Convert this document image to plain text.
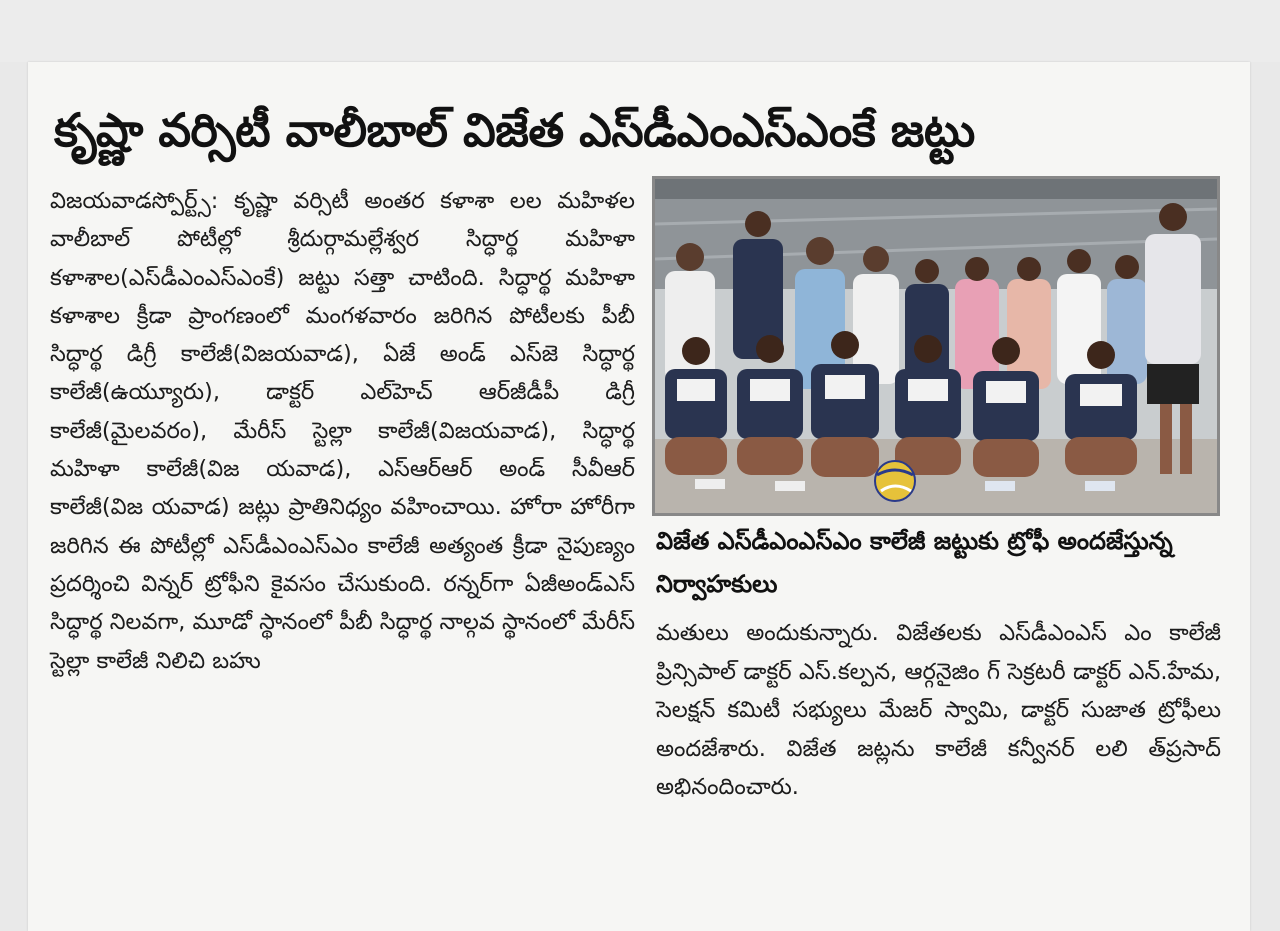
కృష్ణా వర్సిటీ వాలీబాల్ విజేత ఎస్‌డీఎంఎస్‌ఎంకే జట్టు

విజయవాడస్పోర్ట్స్: కృష్ణా వర్సిటీ అంతర కళాశా లల మహిళల వాలీబాల్ పోటీల్లో శ్రీదుర్గామల్లేశ్వర సిద్ధార్థ మహిళా కళాశాల(ఎస్‌డీఎంఎస్‌ఎంకే) జట్టు సత్తా చాటింది. సిద్ధార్థ మహిళా కళాశాల క్రీడా ప్రాంగణంలో మంగళవారం జరిగిన పోటీలకు పీబీ సిద్ధార్థ డిగ్రీ కాలేజీ(విజయవాడ), ఏజే అండ్ ఎస్‌జె సిద్ధార్థ కాలేజీ(ఉయ్యూరు), డాక్టర్ ఎల్‌హెచ్ ఆర్‌జీడీపీ డిగ్రీ కాలేజీ(మైలవరం), మేరీస్ స్టెల్లా కాలేజీ(విజయవాడ), సిద్ధార్థ మహిళా కాలేజీ(విజ యవాడ), ఎస్ఆర్ఆర్ అండ్ సీవీఆర్ కాలేజీ(విజ యవాడ) జట్లు ప్రాతినిధ్యం వహించాయి. హోరా హోరీగా జరిగిన ఈ పోటీల్లో ఎస్‌డీఎంఎస్‌ఎం కాలేజీ అత్యంత క్రీడా నైపుణ్యం ప్రదర్శించి విన్నర్ ట్రోఫీని కైవసం చేసుకుంది. రన్నర్‌గా ఏజీఅండ్ఎస్ సిద్ధార్థ నిలవగా, మూడో స్థానంలో పీబీ సిద్ధార్థ నాల్గవ స్థానంలో మేరీస్ స్టెల్లా కాలేజీ నిలిచి బహు

విజేత ఎస్‌డీఎంఎస్‌ఎం కాలేజీ జట్టుకు ట్రోఫీ అందజేస్తున్న నిర్వాహకులు

మతులు అందుకున్నారు. విజేతలకు ఎస్‌డీఎంఎస్ ఎం కాలేజీ ప్రిన్సిపాల్ డాక్టర్ ఎస్.కల్పన, ఆర్గనైజిం గ్ సెక్రటరీ డాక్టర్ ఎన్.హేమ, సెలక్షన్ కమిటీ సభ్యులు మేజర్ స్వామి, డాక్టర్ సుజాత ట్రోఫీలు అందజేశారు. విజేత జట్లను కాలేజీ కన్వీనర్ లలి త్‌ప్రసాద్ అభినందించారు.
